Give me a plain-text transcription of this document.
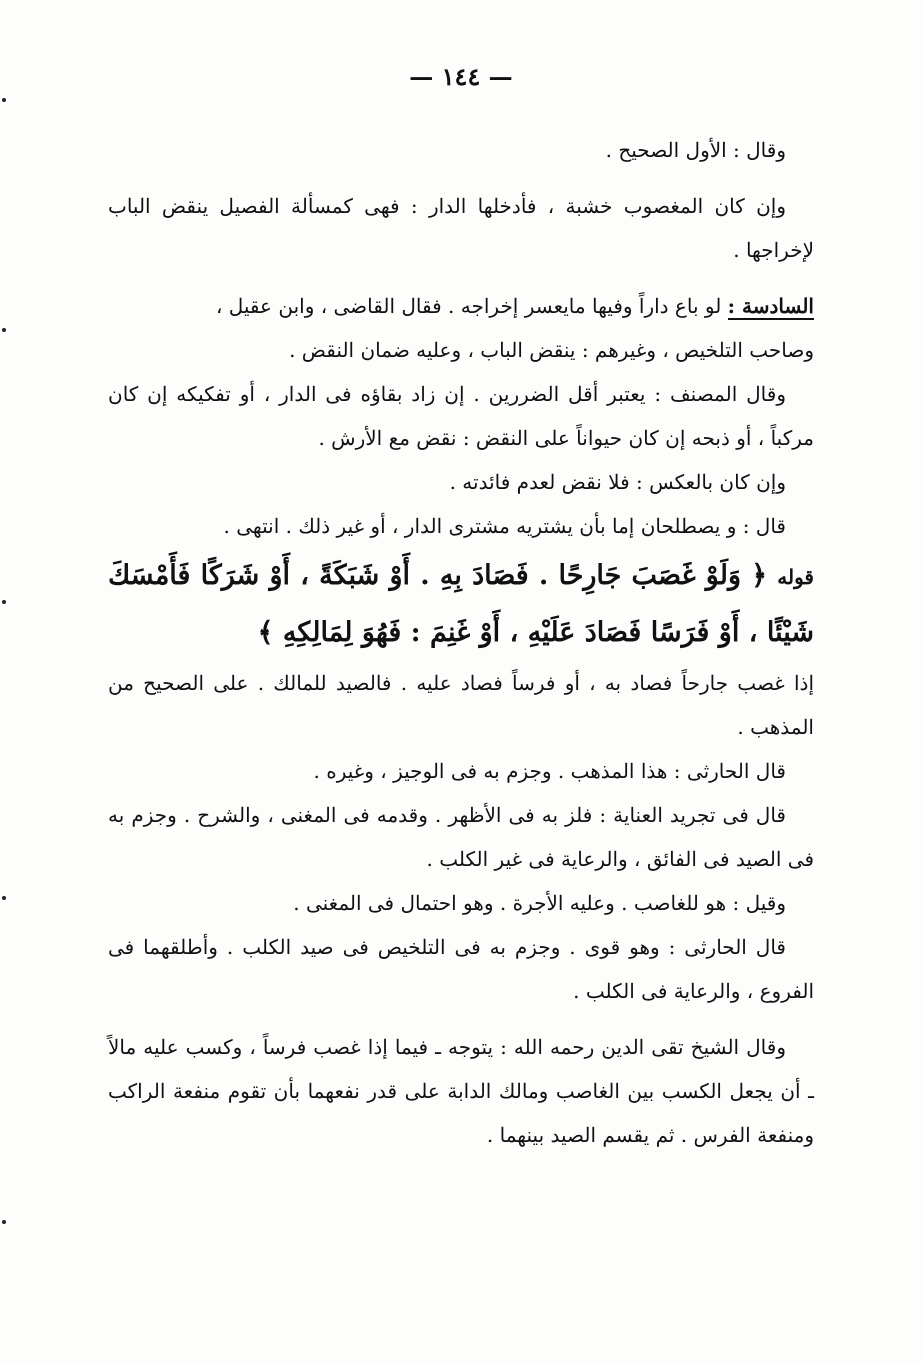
— ١٤٤ —

وقال : الأول الصحيح .

وإن كان المغصوب خشبة ، فأدخلها الدار : فهى كمسألة الفصيل ينقض الباب لإخراجها .

السادسة : لو باع داراً وفيها مايعسر إخراجه . فقال القاضى ، وابن عقيل ،

وصاحب التلخيص ، وغيرهم : ينقض الباب ، وعليه ضمان النقض .

وقال المصنف : يعتبر أقل الضررين . إن زاد بقاؤه فى الدار ، أو تفكيكه إن كان مركباً ، أو ذبحه إن كان حيواناً على النقض : نقض مع الأرش .

وإن كان بالعكس : فلا نقض لعدم فائدته .

قال : و يصطلحان إما بأن يشتريه مشترى الدار ، أو غير ذلك . انتهى .

قوله ﴿ وَلَوْ غَصَبَ جَارِحًا . فَصَادَ بِهِ . أَوْ شَبَكَةً ، أَوْ شَرَكًا فَأَمْسَكَ شَيْئًا ، أَوْ فَرَسًا فَصَادَ عَلَيْهِ ، أَوْ غَنِمَ : فَهُوَ لِمَالِكِهِ ﴾

إذا غصب جارحاً فصاد به ، أو فرساً فصاد عليه . فالصيد للمالك . على الصحيح من المذهب .

قال الحارثى : هذا المذهب . وجزم به فى الوجيز ، وغيره .

قال فى تجريد العناية : فلز به فى الأظهر . وقدمه فى المغنى ، والشرح . وجزم به فى الصيد فى الفائق ، والرعاية فى غير الكلب .

وقيل : هو للغاصب . وعليه الأجرة . وهو احتمال فى المغنى .

قال الحارثى : وهو قوى . وجزم به فى التلخيص فى صيد الكلب . وأطلقهما فى الفروع ، والرعاية فى الكلب .

وقال الشيخ تقى الدين رحمه الله : يتوجه ـ فيما إذا غصب فرساً ، وكسب عليه مالاً ـ أن يجعل الكسب بين الغاصب ومالك الدابة على قدر نفعهما بأن تقوم منفعة الراكب ومنفعة الفرس . ثم يقسم الصيد بينهما .
